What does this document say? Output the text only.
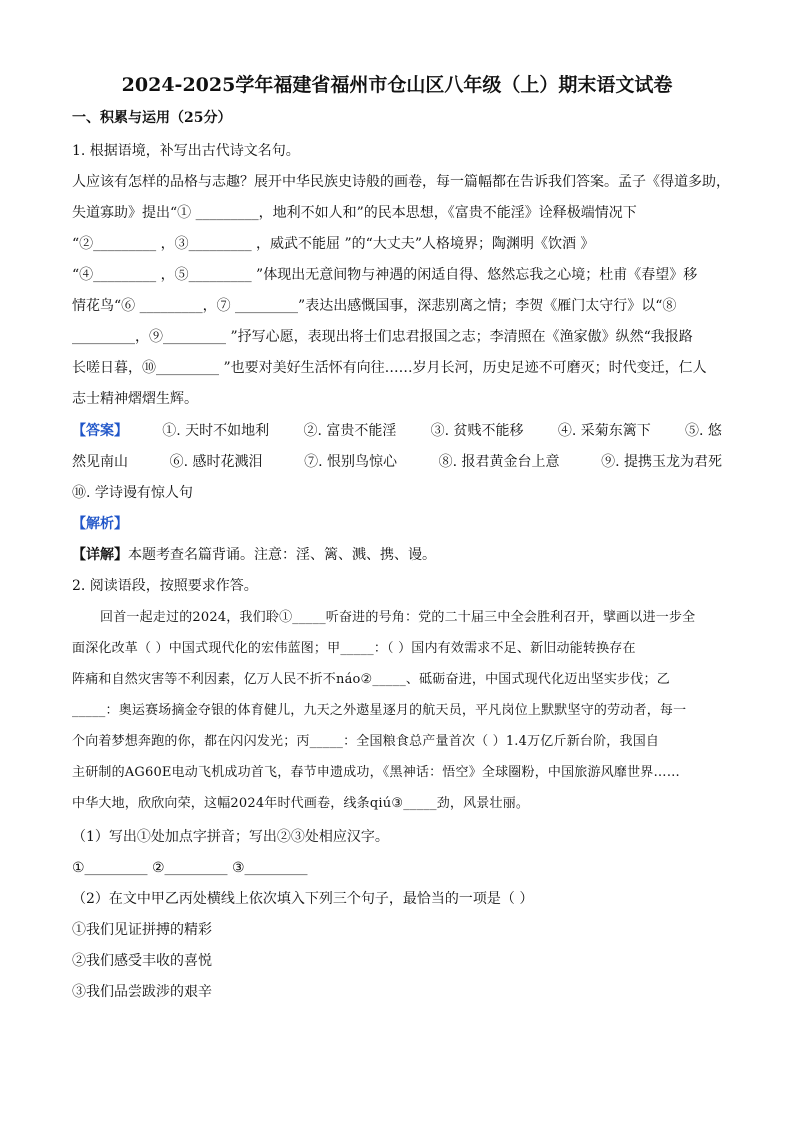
2024-2025学年福建省福州市仓山区八年级（上）期末语文试卷
一、积累与运用（25分）
1. 根据语境，补写出古代诗文名句。
人应该有怎样的品格与志趣？展开中华民族史诗般的画卷，每一篇幅都在告诉我们答案。孟子《得道多助，
失道寡助》提出“① _________，地利不如人和”的民本思想，《富贵不能淫》诠释极端情况下
“②_________ ，③_________ ，威武不能屈 ”的“大丈夫”人格境界；陶渊明《饮酒 》
“④_________ ，⑤_________ ”体现出无意间物与神遇的闲适自得、悠然忘我之心境；杜甫《春望》移
情花鸟“⑥ _________，⑦ _________”表达出感慨国事，深悲别离之情；李贺《雁门太守行》以“⑧
_________，⑨_________ ”抒写心愿，表现出将士们忠君报国之志；李清照在《渔家傲》纵然“我报路
长嗟日暮，⑩_________ ”也要对美好生活怀有向往……岁月长河，历史足迹不可磨灭；时代变迁，仁人
志士精神熠熠生辉。
【答案】 ①. 天时不如地利 ②. 富贵不能淫 ③. 贫贱不能移 ④. 采菊东篱下 ⑤. 悠
然见南山	⑥. 感时花溅泪	⑦. 恨别鸟惊心	⑧. 报君黄金台上意	⑨. 提携玉龙为君死
⑩. 学诗谩有惊人句
【解析】
【详解】本题考查名篇背诵。注意：淫、篱、溅、携、谩。
2. 阅读语段，按照要求作答。
回首一起走过的2024，我们聆①_____听奋进的号角：党的二十届三中全会胜利召开，擘画以进一步全
面深化改革（ ）中国式现代化的宏伟蓝图；甲_____：（ ）国内有效需求不足、新旧动能转换存在
阵痛和自然灾害等不利因素，亿万人民不折不náo②_____、砥砺奋进，中国式现代化迈出坚实步伐；乙
_____：奥运赛场摘金夺银的体育健儿，九天之外遨星逐月的航天员，平凡岗位上默默坚守的劳动者，每一
个向着梦想奔跑的你，都在闪闪发光；丙_____：全国粮食总产量首次（ ）1.4万亿斤新台阶，我国自
主研制的AG60E电动飞机成功首飞，春节申遗成功，《黑神话：悟空》全球圈粉，中国旅游风靡世界……
中华大地，欣欣向荣，这幅2024年时代画卷，线条qiú③_____劲，风景壮丽。
（1）写出①处加点字拼音；写出②③处相应汉字。
①_________ ②_________ ③_________
（2）在文中甲乙丙处横线上依次填入下列三个句子，最恰当的一项是（ ）
①我们见证拼搏的精彩
②我们感受丰收的喜悦
③我们品尝跋涉的艰辛
